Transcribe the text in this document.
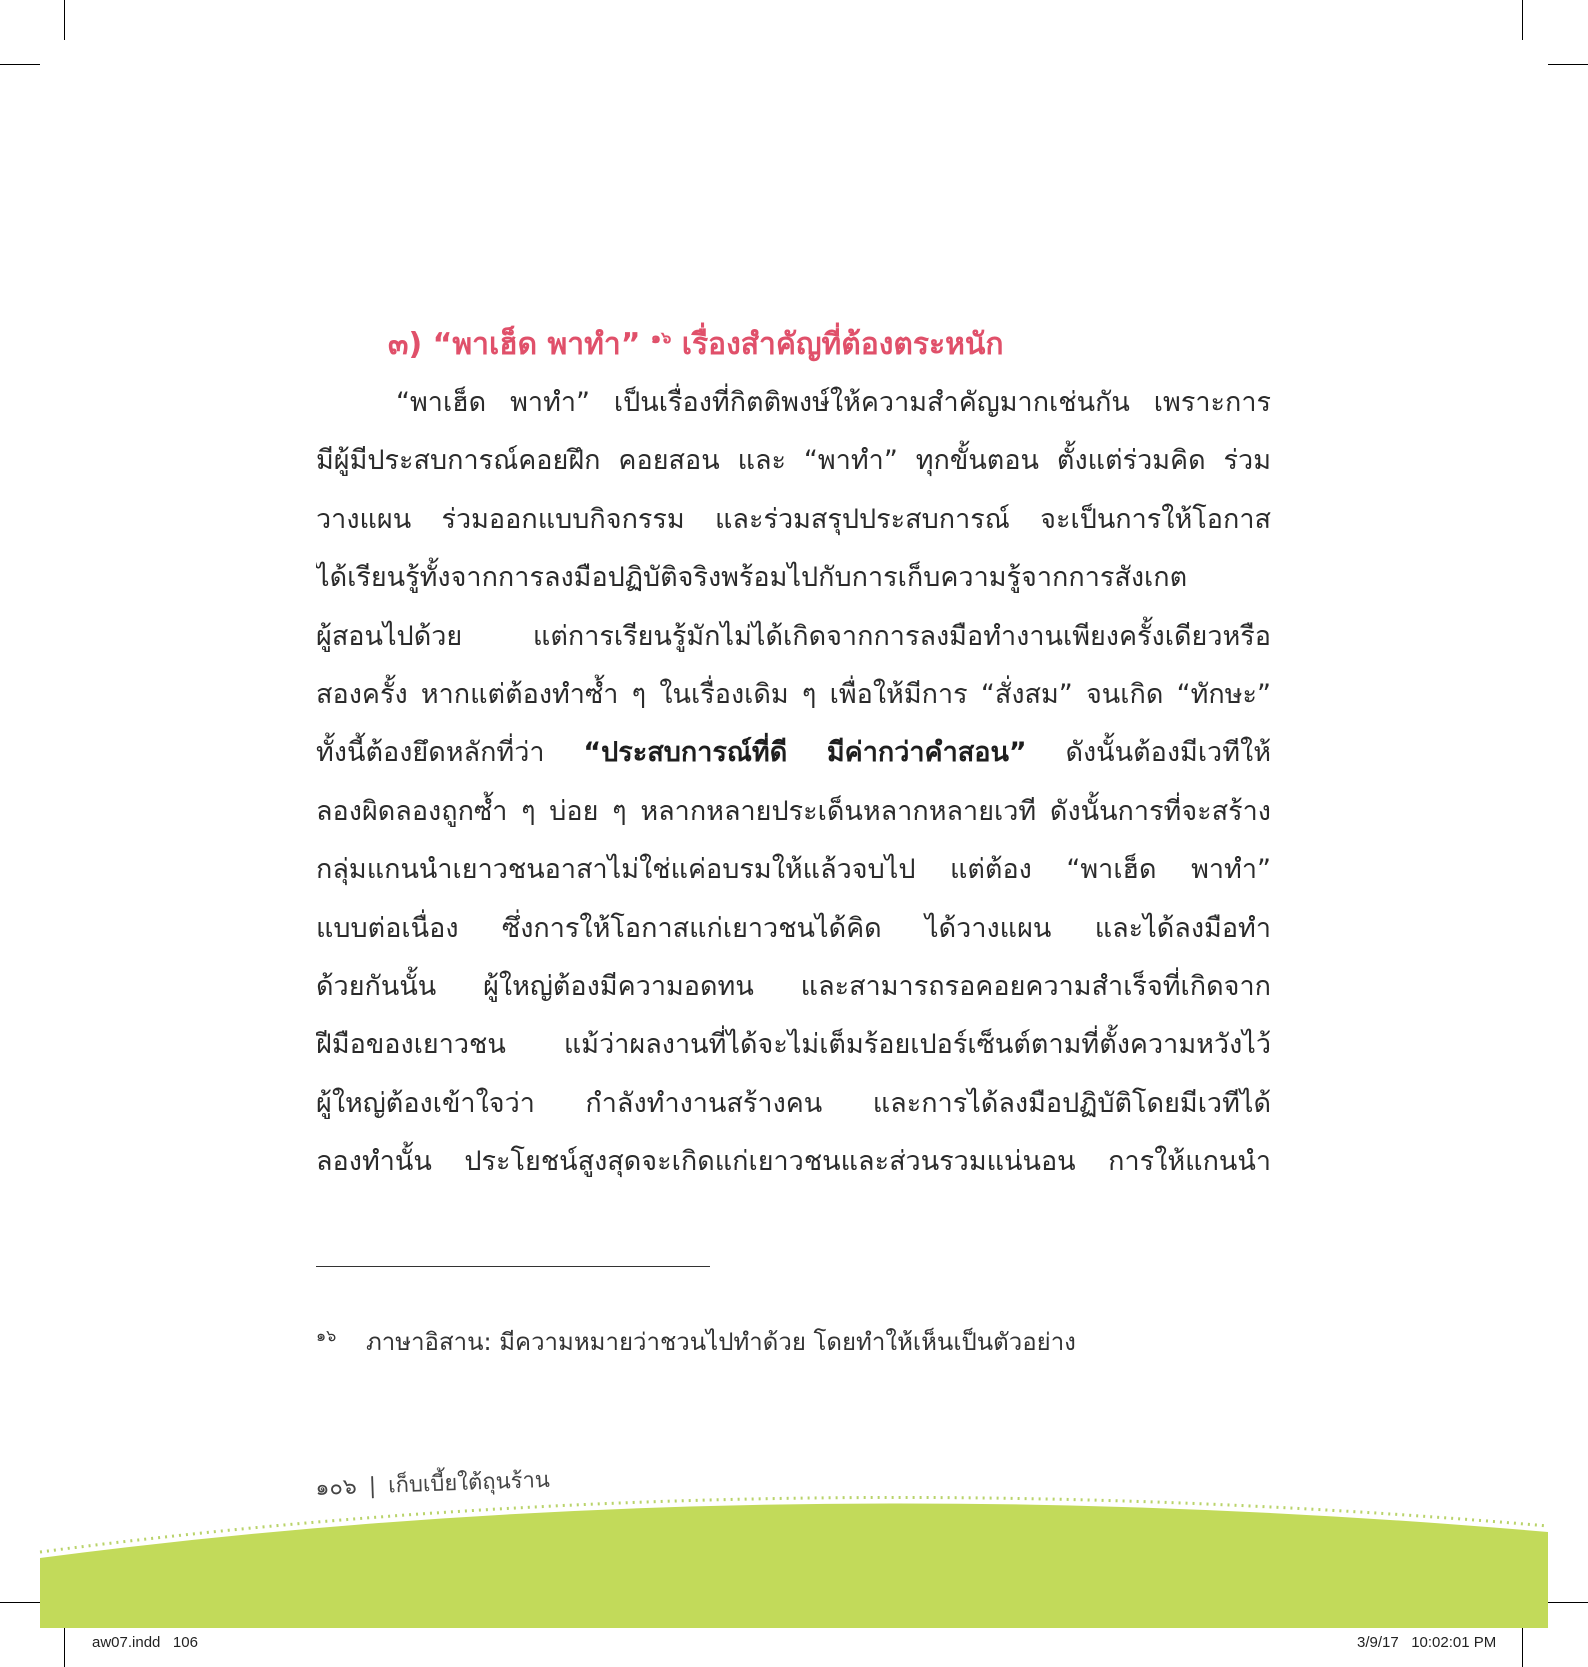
๓) “พาเฮ็ด พาทำ” $^{๑๖}$ เรื่องสำคัญที่ต้องตระหนัก
“พาเฮ็ด พาทำ” เป็นเรื่องที่กิตติพงษ์ให้ความสำคัญมากเช่นกัน เพราะการ
มีผู้มีประสบการณ์คอยฝึก คอยสอน และ “พาทำ” ทุกขั้นตอน ตั้งแต่ร่วมคิด ร่วม
วางแผน ร่วมออกแบบกิจกรรม และร่วมสรุปประสบการณ์ จะเป็นการให้โอกาส
ได้เรียนรู้ทั้งจากการลงมือปฏิบัติจริงพร้อมไปกับการเก็บความรู้จากการสังเกต
ผู้สอนไปด้วย แต่การเรียนรู้มักไม่ได้เกิดจากการลงมือทำงานเพียงครั้งเดียวหรือ
สองครั้ง หากแต่ต้องทำซ้ำ ๆ ในเรื่องเดิม ๆ เพื่อให้มีการ “สั่งสม” จนเกิด “ทักษะ”
ทั้งนี้ต้องยึดหลักที่ว่า “ประสบการณ์ที่ดี มีค่ากว่าคำสอน” ดังนั้นต้องมีเวทีให้
ลองผิดลองถูกซ้ำ ๆ บ่อย ๆ หลากหลายประเด็นหลากหลายเวที ดังนั้นการที่จะสร้าง
กลุ่มแกนนำเยาวชนอาสาไม่ใช่แค่อบรมให้แล้วจบไป แต่ต้อง “พาเฮ็ด พาทำ”
แบบต่อเนื่อง ซึ่งการให้โอกาสแก่เยาวชนได้คิด ได้วางแผน และได้ลงมือทำ
ด้วยกันนั้น ผู้ใหญ่ต้องมีความอดทน และสามารถรอคอยความสำเร็จที่เกิดจาก
ฝีมือของเยาวชน แม้ว่าผลงานที่ได้จะไม่เต็มร้อยเปอร์เซ็นต์ตามที่ตั้งความหวังไว้
ผู้ใหญ่ต้องเข้าใจว่า กำลังทำงานสร้างคน และการได้ลงมือปฏิบัติโดยมีเวทีได้
ลองทำนั้น ประโยชน์สูงสุดจะเกิดแก่เยาวชนและส่วนรวมแน่นอน การให้แกนนำ
$^{๑๖}$ ภาษาอิสาน: มีความหมายว่าชวนไปทำด้วย โดยทำให้เห็นเป็นตัวอย่าง
๑๐๖ | เก็บเบี้ยใต้ถุนร้าน
aw07.indd   106	3/9/17   10:02:01 PM
